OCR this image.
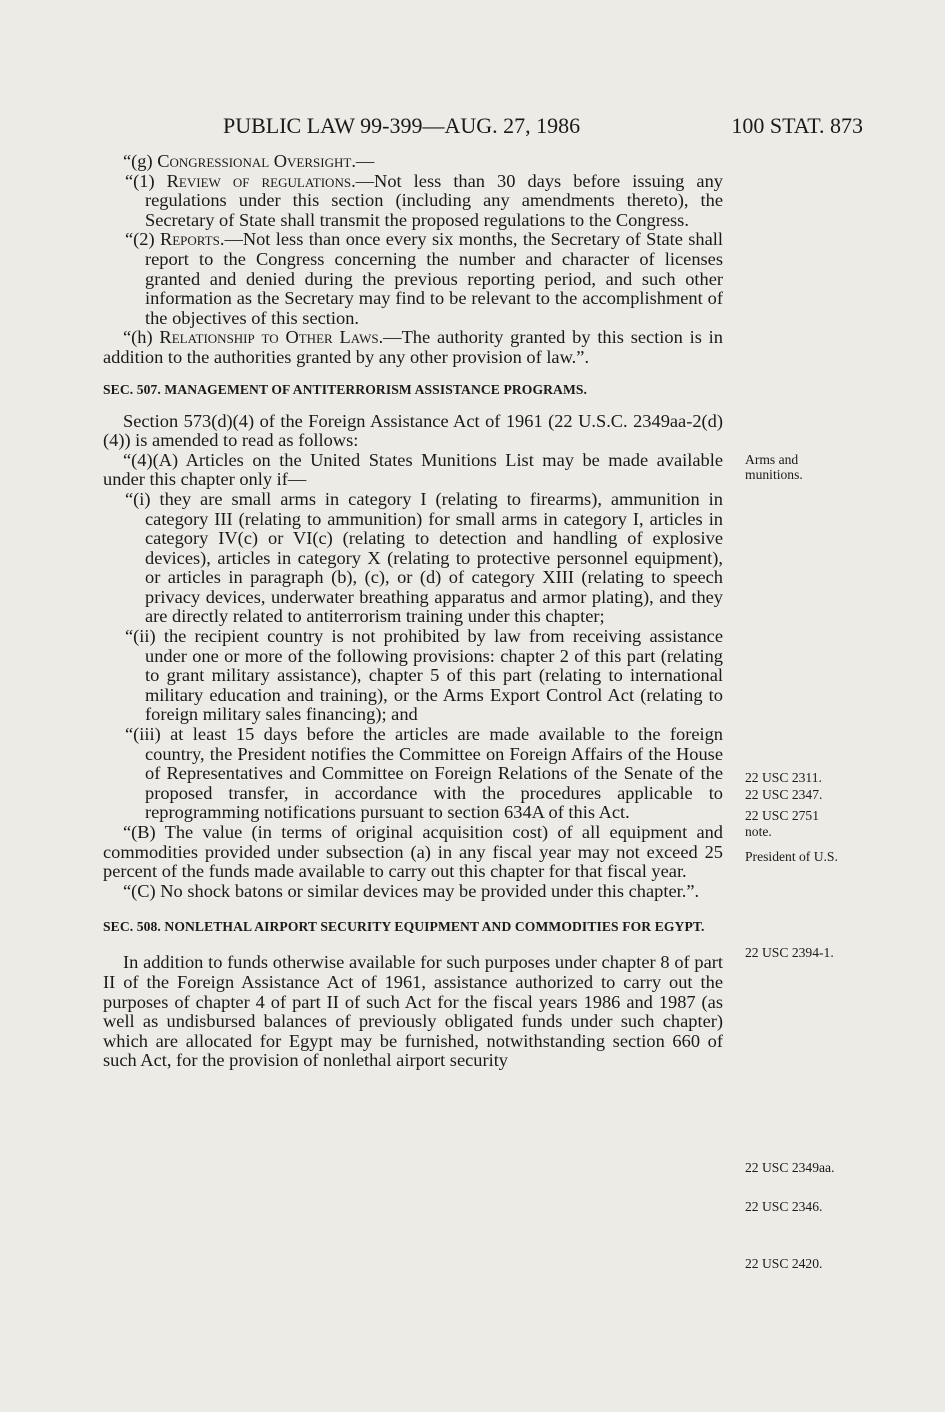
PUBLIC LAW 99-399—AUG. 27, 1986	100 STAT. 873

“(g) Congressional Oversight.—

“(1) Review of regulations.—Not less than 30 days before issuing any regulations under this section (including any amendments thereto), the Secretary of State shall transmit the proposed regulations to the Congress.

“(2) Reports.—Not less than once every six months, the Secretary of State shall report to the Congress concerning the number and character of licenses granted and denied during the previous reporting period, and such other information as the Secretary may find to be relevant to the accomplishment of the objectives of this section.

“(h) Relationship to Other Laws.—The authority granted by this section is in addition to the authorities granted by any other provision of law.”.

SEC. 507. MANAGEMENT OF ANTITERRORISM ASSISTANCE PROGRAMS.

Section 573(d)(4) of the Foreign Assistance Act of 1961 (22 U.S.C. 2349aa-2(d)(4)) is amended to read as follows:

“(4)(A) Articles on the United States Munitions List may be made available under this chapter only if—

“(i) they are small arms in category I (relating to firearms), ammunition in category III (relating to ammunition) for small arms in category I, articles in category IV(c) or VI(c) (relating to detection and handling of explosive devices), articles in category X (relating to protective personnel equipment), or articles in paragraph (b), (c), or (d) of category XIII (relating to speech privacy devices, underwater breathing apparatus and armor plating), and they are directly related to antiterrorism training under this chapter;

“(ii) the recipient country is not prohibited by law from receiving assistance under one or more of the following provisions: chapter 2 of this part (relating to grant military assistance), chapter 5 of this part (relating to international military education and training), or the Arms Export Control Act (relating to foreign military sales financing); and

“(iii) at least 15 days before the articles are made available to the foreign country, the President notifies the Committee on Foreign Affairs of the House of Representatives and Committee on Foreign Relations of the Senate of the proposed transfer, in accordance with the procedures applicable to reprogramming notifications pursuant to section 634A of this Act.

“(B) The value (in terms of original acquisition cost) of all equipment and commodities provided under subsection (a) in any fiscal year may not exceed 25 percent of the funds made available to carry out this chapter for that fiscal year.

“(C) No shock batons or similar devices may be provided under this chapter.”.

SEC. 508. NONLETHAL AIRPORT SECURITY EQUIPMENT AND COMMODITIES FOR EGYPT.

In addition to funds otherwise available for such purposes under chapter 8 of part II of the Foreign Assistance Act of 1961, assistance authorized to carry out the purposes of chapter 4 of part II of such Act for the fiscal years 1986 and 1987 (as well as undisbursed balances of previously obligated funds under such chapter) which are allocated for Egypt may be furnished, notwithstanding section 660 of such Act, for the provision of nonlethal airport security

Arms and
munitions.
22 USC 2311.
22 USC 2347.
22 USC 2751
note.
President of U.S.
22 USC 2394-1.
22 USC 2349aa.
22 USC 2346.
22 USC 2420.
